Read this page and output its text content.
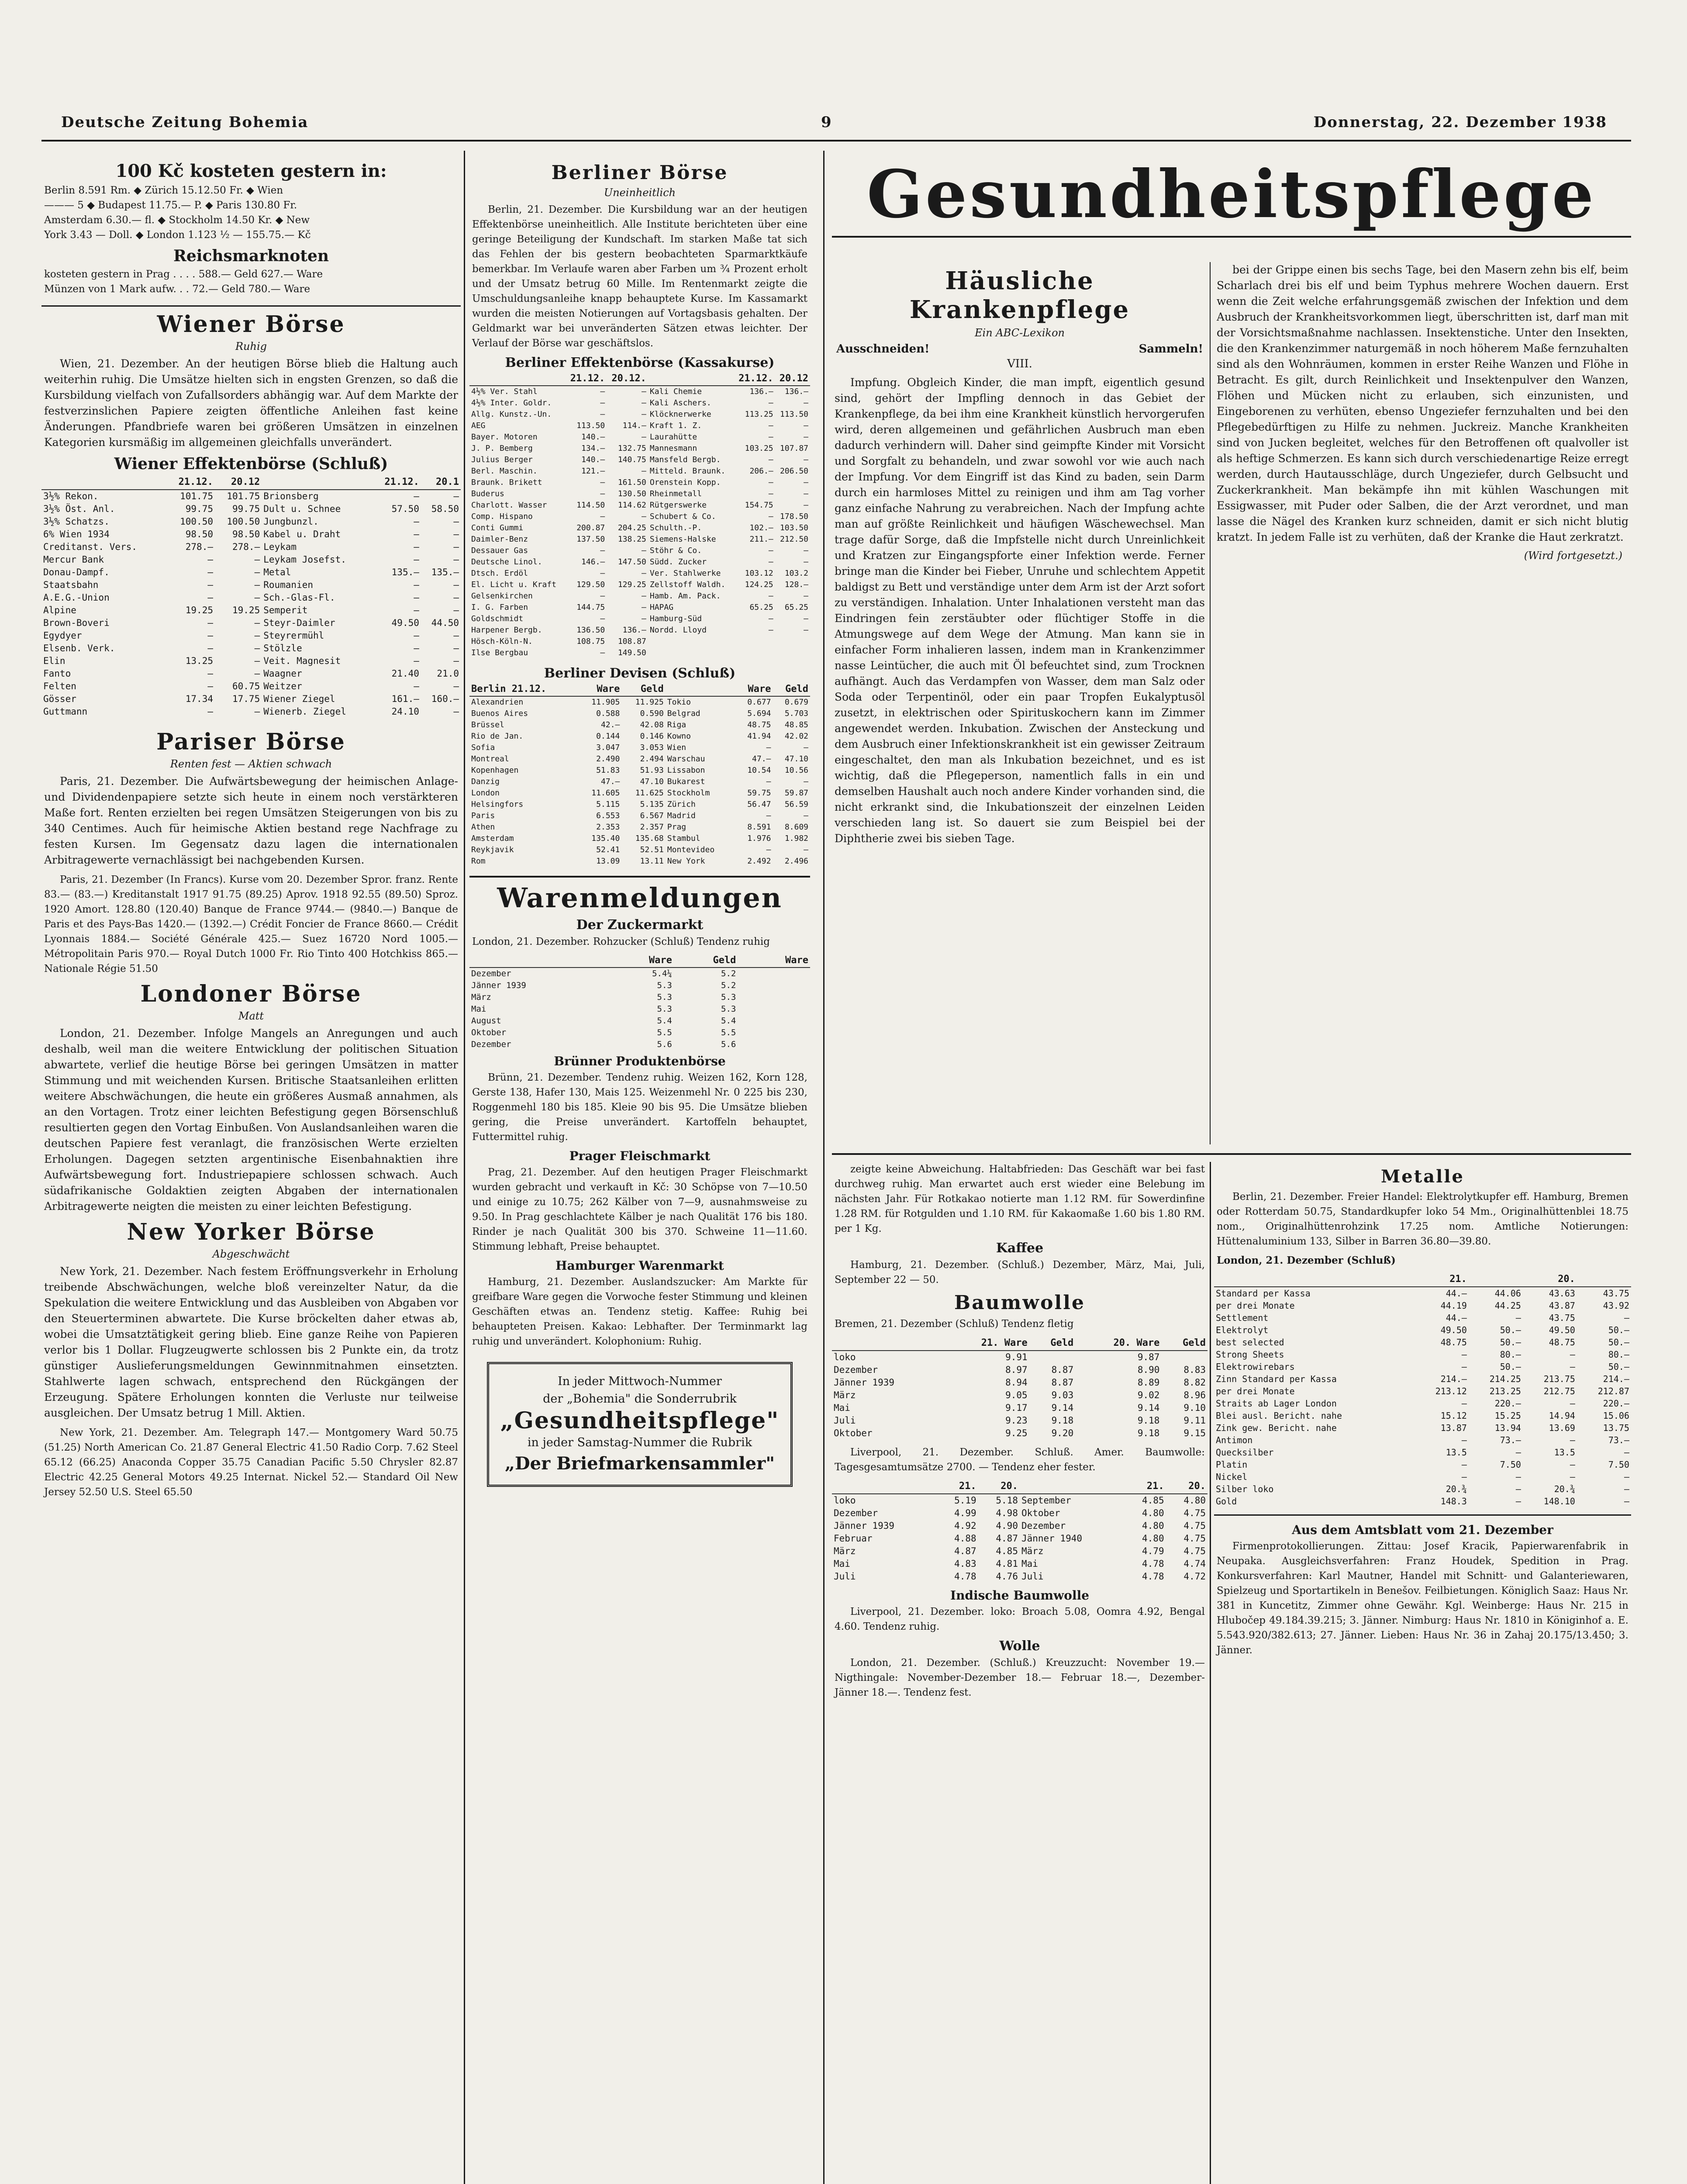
Deutsche Zeitung Bohemia	9	Donnerstag, 22. Dezember 1938
100 Kč kosteten gestern in:
Berlin 8.591 Rm. ◆ Zürich 15.12.50 Fr. ◆ Wien
——— 5 ◆ Budapest 11.75.— P. ◆ Paris 130.80 Fr.
Amsterdam 6.30.— fl. ◆ Stockholm 14.50 Kr. ◆ New
York 3.43 — Doll. ◆ London 1.123 ½ — 155.75.— Kč
Reichsmarknoten
kosteten gestern in Prag . . . . 588.— Geld 627.— Ware
Münzen von 1 Mark aufw. . . 72.— Geld 780.— Ware
Wiener Börse
Ruhig
Wien, 21. Dezember. An der heutigen Börse blieb die Haltung auch weiterhin ruhig. Die Umsätze hielten sich in engsten Grenzen, so daß die Kursbildung vielfach von Zufallsorders abhängig war. Auf dem Markte der festverzinslichen Papiere zeigten öffentliche Anleihen fast keine Änderungen. Pfandbriefe waren bei größeren Umsätzen in einzelnen Kategorien kursmäßig im allgemeinen gleichfalls unverändert.
Wiener Effektenbörse (Schluß)
	21.12.	20.12		21.12.	20.1
3½% Rekon.	101.75	101.75	Brionsberg	—	—
3½% Öst. Anl.	99.75	99.75	Dult u. Schnee	57.50	58.50
3½% Schatzs.	100.50	100.50	Jungbunzl.	—	—
6% Wien 1934	98.50	98.50	Kabel u. Draht	—	—
Creditanst. Vers.	278.—	278.—	Leykam	—	—
Mercur Bank	—	—	Leykam Josefst.	—	—
Donau-Dampf.	—	—	Metal	135.—	135.—
Staatsbahn	—	—	Roumanien	—	—
A.E.G.-Union	—	—	Sch.-Glas-Fl.	—	—
Alpine	19.25	19.25	Semperit	—	—
Brown-Boveri	—	—	Steyr-Daimler	49.50	44.50
Egydyer	—	—	Steyrermühl	—	—
Elsenb. Verk.	—	—	Stölzle	—	—
Elin	13.25	—	Veit. Magnesit	—	—
Fanto	—	—	Waagner	21.40	21.0
Felten	—	60.75	Weitzer	—	—
Gösser	17.34	17.75	Wiener Ziegel	161.—	160.—
Guttmann	—	—	Wienerb. Ziegel	24.10	—
Pariser Börse
Renten fest — Aktien schwach
Paris, 21. Dezember. Die Aufwärtsbewegung der heimischen Anlage- und Dividendenpapiere setzte sich heute in einem noch verstärkteren Maße fort. Renten erzielten bei regen Umsätzen Steigerungen von bis zu 340 Centimes. Auch für heimische Aktien bestand rege Nachfrage zu festen Kursen. Im Gegensatz dazu lagen die internationalen Arbitragewerte vernachlässigt bei nachgebenden Kursen.
Paris, 21. Dezember (In Francs). Kurse vom 20. Dezember Spror. franz. Rente 83.— (83.—) Kreditanstalt 1917 91.75 (89.25) Aprov. 1918 92.55 (89.50) Sproz. 1920 Amort. 128.80 (120.40) Banque de France 9744.— (9840.—) Banque de Paris et des Pays-Bas 1420.— (1392.—) Crédit Foncier de France 8660.— Crédit Lyonnais 1884.— Société Générale 425.— Suez 16720 Nord 1005.— Métropolitain Paris 970.— Royal Dutch 1000 Fr. Rio Tinto 400 Hotchkiss 865.— Nationale Régie 51.50
Londoner Börse
Matt
London, 21. Dezember. Infolge Mangels an Anregungen und auch deshalb, weil man die weitere Entwicklung der politischen Situation abwartete, verlief die heutige Börse bei geringen Umsätzen in matter Stimmung und mit weichenden Kursen. Britische Staatsanleihen erlitten weitere Abschwächungen, die heute ein größeres Ausmaß annahmen, als an den Vortagen. Trotz einer leichten Befestigung gegen Börsenschluß resultierten gegen den Vortag Einbußen. Von Auslandsanleihen waren die deutschen Papiere fest veranlagt, die französischen Werte erzielten Erholungen. Dagegen setzten argentinische Eisenbahnaktien ihre Aufwärtsbewegung fort. Industriepapiere schlossen schwach. Auch südafrikanische Goldaktien zeigten Abgaben der internationalen Arbitragewerte neigten die meisten zu einer leichten Befestigung.
New Yorker Börse
Abgeschwächt
New York, 21. Dezember. Nach festem Eröffnungsverkehr in Erholung treibende Abschwächungen, welche bloß vereinzelter Natur, da die Spekulation die weitere Entwicklung und das Ausbleiben von Abgaben vor den Steuerterminen abwartete. Die Kurse bröckelten daher etwas ab, wobei die Umsatztätigkeit gering blieb. Eine ganze Reihe von Papieren verlor bis 1 Dollar. Flugzeugwerte schlossen bis 2 Punkte ein, da trotz günstiger Auslieferungsmeldungen Gewinnmitnahmen einsetzten. Stahlwerte lagen schwach, entsprechend den Rückgängen der Erzeugung. Spätere Erholungen konnten die Verluste nur teilweise ausgleichen. Der Umsatz betrug 1 Mill. Aktien.
New York, 21. Dezember. Am. Telegraph 147.— Montgomery Ward 50.75 (51.25) North American Co. 21.87 General Electric 41.50 Radio Corp. 7.62 Steel 65.12 (66.25) Anaconda Copper 35.75 Canadian Pacific 5.50 Chrysler 82.87 Electric 42.25 General Motors 49.25 Internat. Nickel 52.— Standard Oil New Jersey 52.50 U.S. Steel 65.50
Berliner Börse
Uneinheitlich
Berlin, 21. Dezember. Die Kursbildung war an der heutigen Effektenbörse uneinheitlich. Alle Institute berichteten über eine geringe Beteiligung der Kundschaft. Im starken Maße tat sich das Fehlen der bis gestern beobachteten Sparmarktkäufe bemerkbar. Im Verlaufe waren aber Farben um ¾ Prozent erholt und der Umsatz betrug 60 Mille. Im Rentenmarkt zeigte die Umschuldungsanleihe knapp behauptete Kurse. Im Kassamarkt wurden die meisten Notierungen auf Vortagsbasis gehalten. Der Geldmarkt war bei unveränderten Sätzen etwas leichter. Der Verlauf der Börse war geschäftslos.
Berliner Effektenbörse (Kassakurse)
	21.12.	20.12.		21.12.	20.12
4½% Ver. Stahl	—	—	Kali Chemie	136.—	136.—
4½% Inter. Goldr.	—	—	Kali Aschers.	—	—
Allg. Kunstz.-Un.	—	—	Klöcknerwerke	113.25	113.50
AEG	113.50	114.—	Kraft 1. Z.	—	—
Bayer. Motoren	140.—	—	Laurahütte	—	—
J. P. Bemberg	134.—	132.75	Mannesmann	103.25	107.87
Julius Berger	140.—	140.75	Mansfeld Bergb.	—	—
Berl. Maschin.	121.—	—	Mitteld. Braunk.	206.—	206.50
Braunk. Brikett	—	161.50	Orenstein Kopp.	—	—
Buderus	—	130.50	Rheinmetall	—	—
Charlott. Wasser	114.50	114.62	Rütgerswerke	154.75	—
Comp. Hispano	—	—	Schubert & Co.	—	178.50
Conti Gummi	200.87	204.25	Schulth.-P.	102.—	103.50
Daimler-Benz	137.50	138.25	Siemens-Halske	211.—	212.50
Dessauer Gas	—	—	Stöhr & Co.	—	—
Deutsche Linol.	146.—	147.50	Südd. Zucker	—	—
Dtsch. Erdöl	—	—	Ver. Stahlwerke	103.12	103.2
El. Licht u. Kraft	129.50	129.25	Zellstoff Waldh.	124.25	128.—
Gelsenkirchen	—	—	Hamb. Am. Pack.	—	—
I. G. Farben	144.75	—	HAPAG	65.25	65.25
Goldschmidt	—	—	Hamburg-Süd	—	—
Harpener Bergb.	136.50	136.—	Nordd. Lloyd	—	—
Hösch-Köln-N.	108.75	108.87			
Ilse Bergbau	—	149.50			
Berliner Devisen (Schluß)
Berlin 21.12.	Ware	Geld		Ware	Geld
Alexandrien	11.905	11.925	Tokio	0.677	0.679
Buenos Aires	0.588	0.590	Belgrad	5.694	5.703
Brüssel	42.—	42.08	Riga	48.75	48.85
Rio de Jan.	0.144	0.146	Kowno	41.94	42.02
Sofia	3.047	3.053	Wien	—	—
Montreal	2.490	2.494	Warschau	47.—	47.10
Kopenhagen	51.83	51.93	Lissabon	10.54	10.56
Danzig	47.—	47.10	Bukarest	—	—
London	11.605	11.625	Stockholm	59.75	59.87
Helsingfors	5.115	5.135	Zürich	56.47	56.59
Paris	6.553	6.567	Madrid	—	—
Athen	2.353	2.357	Prag	8.591	8.609
Amsterdam	135.40	135.68	Stambul	1.976	1.982
Reykjavik	52.41	52.51	Montevideo	—	—
Rom	13.09	13.11	New York	2.492	2.496
Warenmeldungen
Der Zuckermarkt
London, 21. Dezember. Rohzucker (Schluß) Tendenz ruhig
	Ware	Geld		Ware
Dezember	5.4¼	5.2		
Jänner 1939	5.3	5.2		
März	5.3	5.3		
Mai	5.3	5.3		
August	5.4	5.4		
Oktober	5.5	5.5		
Dezember	5.6	5.6		
Brünner Produktenbörse
Brünn, 21. Dezember. Tendenz ruhig. Weizen 162, Korn 128, Gerste 138, Hafer 130, Mais 125. Weizenmehl Nr. 0 225 bis 230, Roggenmehl 180 bis 185. Kleie 90 bis 95. Die Umsätze blieben gering, die Preise unverändert. Kartoffeln behauptet, Futtermittel ruhig.
Prager Fleischmarkt
Prag, 21. Dezember. Auf den heutigen Prager Fleischmarkt wurden gebracht und verkauft in Kč: 30 Schöpse von 7—10.50 und einige zu 10.75; 262 Kälber von 7—9, ausnahmsweise zu 9.50. In Prag geschlachtete Kälber je nach Qualität 176 bis 180. Rinder je nach Qualität 300 bis 370. Schweine 11—11.60. Stimmung lebhaft, Preise behauptet.
Hamburger Warenmarkt
Hamburg, 21. Dezember. Auslandszucker: Am Markte für greifbare Ware gegen die Vorwoche fester Stimmung und kleinen Geschäften etwas an. Tendenz stetig. Kaffee: Ruhig bei behaupteten Preisen. Kakao: Lebhafter. Der Terminmarkt lag ruhig und unverändert. Kolophonium: Ruhig.
In jeder Mittwoch-Nummer
der „Bohemia" die Sonderrubrik
„Gesundheitspflege"
in jeder Samstag-Nummer die Rubrik
„Der Briefmarkensammler"
Gesundheitspflege
Häusliche Krankenpflege
Ein ABC-Lexikon
Ausschneiden!	Sammeln!
VIII.
Impfung. Obgleich Kinder, die man impft, eigentlich gesund sind, gehört der Impfling dennoch in das Gebiet der Krankenpflege, da bei ihm eine Krankheit künstlich hervorgerufen wird, deren allgemeinen und gefährlichen Ausbruch man eben dadurch verhindern will. Daher sind geimpfte Kinder mit Vorsicht und Sorgfalt zu behandeln, und zwar sowohl vor wie auch nach der Impfung. Vor dem Eingriff ist das Kind zu baden, sein Darm durch ein harmloses Mittel zu reinigen und ihm am Tag vorher ganz einfache Nahrung zu verabreichen. Nach der Impfung achte man auf größte Reinlichkeit und häufigen Wäschewechsel. Man trage dafür Sorge, daß die Impfstelle nicht durch Unreinlichkeit und Kratzen zur Eingangspforte einer Infektion werde. Ferner bringe man die Kinder bei Fieber, Unruhe und schlechtem Appetit baldigst zu Bett und verständige unter dem Arm ist der Arzt sofort zu verständigen. Inhalation. Unter Inhalationen versteht man das Eindringen fein zerstäubter oder flüchtiger Stoffe in die Atmungswege auf dem Wege der Atmung. Man kann sie in einfacher Form inhalieren lassen, indem man in Krankenzimmer nasse Leintücher, die auch mit Öl befeuchtet sind, zum Trocknen aufhängt. Auch das Verdampfen von Wasser, dem man Salz oder Soda oder Terpentinöl, oder ein paar Tropfen Eukalyptusöl zusetzt, in elektrischen oder Spirituskochern kann im Zimmer angewendet werden. Inkubation. Zwischen der Ansteckung und dem Ausbruch einer Infektionskrankheit ist ein gewisser Zeitraum eingeschaltet, den man als Inkubation bezeichnet, und es ist wichtig, daß die Pflegeperson, namentlich falls in ein und demselben Haushalt auch noch andere Kinder vorhanden sind, die nicht erkrankt sind, die Inkubationszeit der einzelnen Leiden verschieden lang ist. So dauert sie zum Beispiel bei der Diphtherie zwei bis sieben Tage.
bei der Grippe einen bis sechs Tage, bei den Masern zehn bis elf, beim Scharlach drei bis elf und beim Typhus mehrere Wochen dauern. Erst wenn die Zeit welche erfahrungsgemäß zwischen der Infektion und dem Ausbruch der Krankheitsvorkommen liegt, überschritten ist, darf man mit der Vorsichtsmaßnahme nachlassen. Insektenstiche. Unter den Insekten, die den Krankenzimmer naturgemäß in noch höherem Maße fernzuhalten sind als den Wohnräumen, kommen in erster Reihe Wanzen und Flöhe in Betracht. Es gilt, durch Reinlichkeit und Insektenpulver den Wanzen, Flöhen und Mücken nicht zu erlauben, sich einzunisten, und Eingeborenen zu verhüten, ebenso Ungeziefer fernzuhalten und bei den Pflegebedürftigen zu Hilfe zu nehmen. Juckreiz. Manche Krankheiten sind von Jucken begleitet, welches für den Betroffenen oft qualvoller ist als heftige Schmerzen. Es kann sich durch verschiedenartige Reize erregt werden, durch Hautausschläge, durch Ungeziefer, durch Gelbsucht und Zuckerkrankheit. Man bekämpfe ihn mit kühlen Waschungen mit Essigwasser, mit Puder oder Salben, die der Arzt verordnet, und man lasse die Nägel des Kranken kurz schneiden, damit er sich nicht blutig kratzt. In jedem Falle ist zu verhüten, daß der Kranke die Haut zerkratzt.
(Wird fortgesetzt.)
zeigte keine Abweichung. Haltabfrieden: Das Geschäft war bei fast durchweg ruhig. Man erwartet auch erst wieder eine Belebung im nächsten Jahr. Für Rotkakao notierte man 1.12 RM. für Sowerdinfine 1.28 RM. für Rotgulden und 1.10 RM. für Kakaomaße 1.60 bis 1.80 RM. per 1 Kg.
Kaffee
Hamburg, 21. Dezember. (Schluß.) Dezember, März, Mai, Juli, September 22 — 50.
Baumwolle
Bremen, 21. Dezember (Schluß) Tendenz fletig
	21. Ware	Geld	20. Ware	Geld
loko	9.91		9.87	
Dezember	8.97	8.87	8.90	8.83
Jänner 1939	8.94	8.87	8.89	8.82
März	9.05	9.03	9.02	8.96
Mai	9.17	9.14	9.14	9.10
Juli	9.23	9.18	9.18	9.11
Oktober	9.25	9.20	9.18	9.15
Liverpool, 21. Dezember. Schluß. Amer. Baumwolle: Tagesgesamtumsätze 2700. — Tendenz eher fester.
	21.	20.		21.	20.
loko	5.19	5.18	September	4.85	4.80
Dezember	4.99	4.98	Oktober	4.80	4.75
Jänner 1939	4.92	4.90	Dezember	4.80	4.75
Februar	4.88	4.87	Jänner 1940	4.80	4.75
März	4.87	4.85	März	4.79	4.75
Mai	4.83	4.81	Mai	4.78	4.74
Juli	4.78	4.76	Juli	4.78	4.72
Indische Baumwolle
Liverpool, 21. Dezember. loko: Broach 5.08, Oomra 4.92, Bengal 4.60. Tendenz ruhig.
Wolle
London, 21. Dezember. (Schluß.) Kreuzzucht: November 19.— Nigthingale: November-Dezember 18.— Februar 18.—, Dezember-Jänner 18.—. Tendenz fest.
Metalle
Berlin, 21. Dezember. Freier Handel: Elektrolytkupfer eff. Hamburg, Bremen oder Rotterdam 50.75, Standardkupfer loko 54 Mm., Originalhüttenblei 18.75 nom., Originalhüttenrohzink 17.25 nom. Amtliche Notierungen: Hüttenaluminium 133, Silber in Barren 36.80—39.80.
London, 21. Dezember (Schluß)
	21.		20.	
Standard per Kassa	44.—	44.06	43.63	43.75
per drei Monate	44.19	44.25	43.87	43.92
Settlement	44.—	—	43.75	—
Elektrolyt	49.50	50.—	49.50	50.—
best selected	48.75	50.—	48.75	50.—
Strong Sheets	—	80.—	—	80.—
Elektrowirebars	—	50.—	—	50.—
Zinn Standard per Kassa	214.—	214.25	213.75	214.—
per drei Monate	213.12	213.25	212.75	212.87
Straits ab Lager London	—	220.—	—	220.—
Blei ausl. Bericht. nahe	15.12	15.25	14.94	15.06
Zink gew. Bericht. nahe	13.87	13.94	13.69	13.75
Antimon	—	73.—	—	73.—
Quecksilber	13.5	—	13.5	—
Platin	—	7.50	—	7.50
Nickel	—	—	—	—
Silber loko	20.¾	—	20.¾	—
Gold	148.3	—	148.10	—
Aus dem Amtsblatt vom 21. Dezember
Firmenprotokollierungen. Zittau: Josef Kracik, Papierwarenfabrik in Neupaka. Ausgleichsverfahren: Franz Houdek, Spedition in Prag. Konkursverfahren: Karl Mautner, Handel mit Schnitt- und Galanteriewaren, Spielzeug und Sportartikeln in Benešov. Feilbietungen. Königlich Saaz: Haus Nr. 381 in Kuncetitz, Zimmer ohne Gewähr. Kgl. Weinberge: Haus Nr. 215 in Hlubočep 49.184.39.215; 3. Jänner. Nimburg: Haus Nr. 1810 in Königinhof a. E. 5.543.920/382.613; 27. Jänner. Lieben: Haus Nr. 36 in Zahaj 20.175/13.450; 3. Jänner.
